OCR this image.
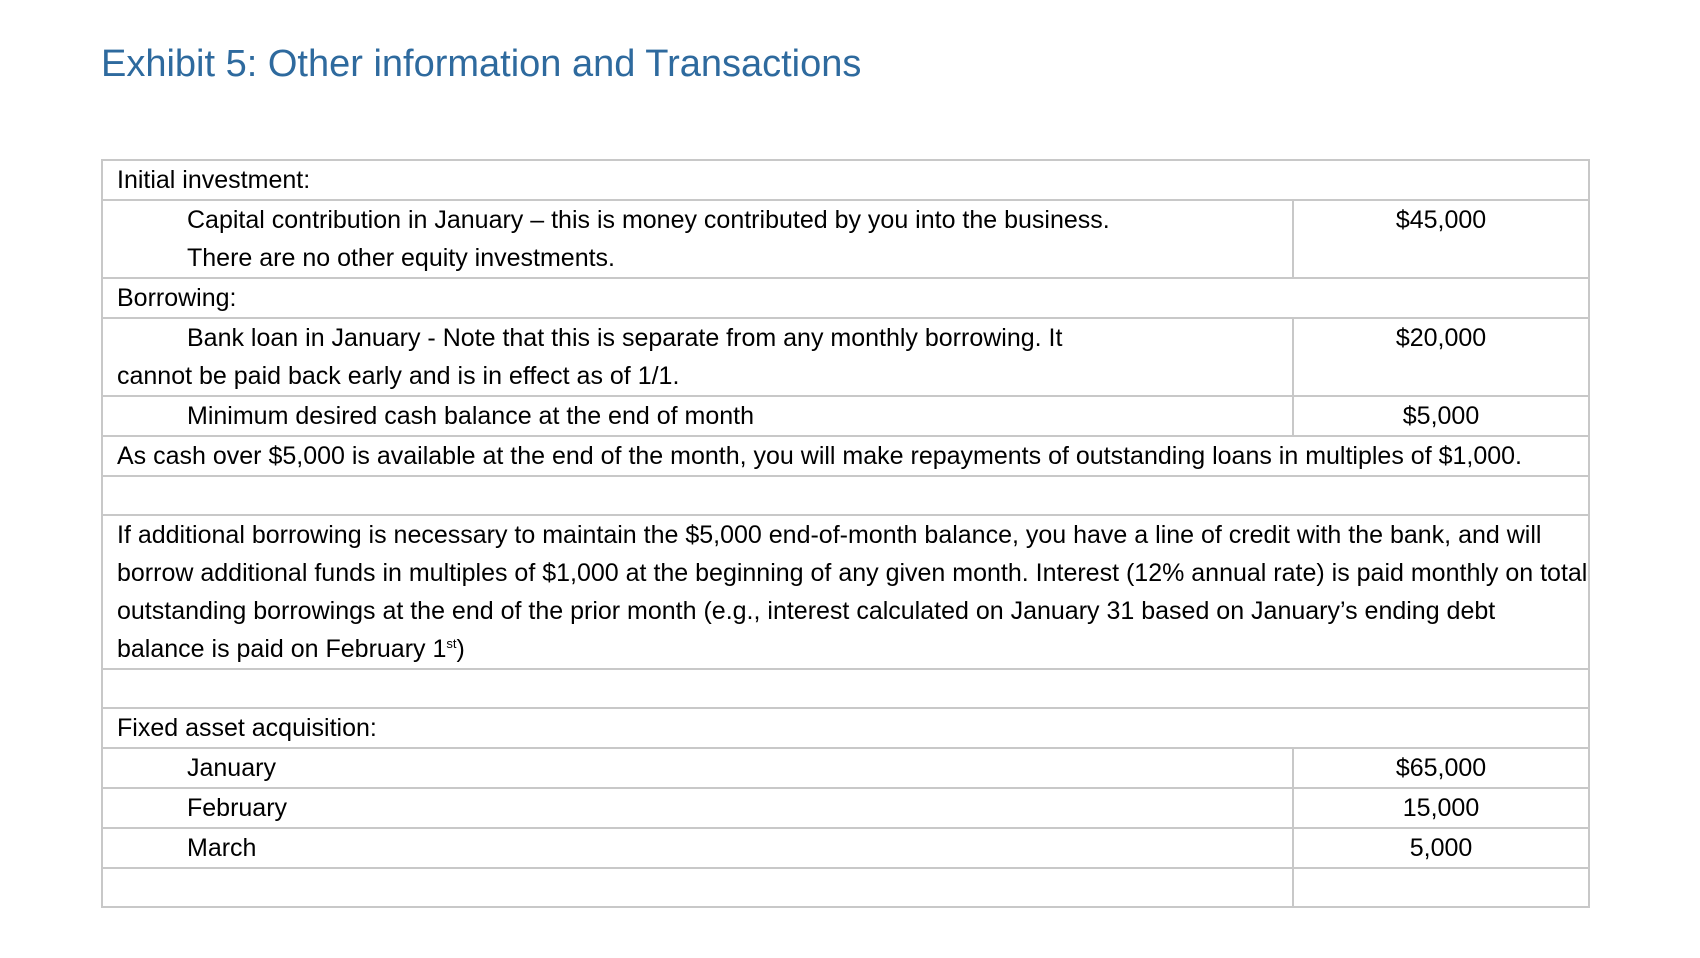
Exhibit 5: Other information and Transactions
Initial investment:	

Capital contribution in January – this is money contributed by you into the business.
There are no other equity investments.	$45,000
Borrowing:	

Bank loan in January - Note that this is separate from any monthly borrowing. It
cannot be paid back early and is in effect as of 1/1.	$20,000

Minimum desired cash balance at the end of month	$5,000
As cash over $5,000 is available at the end of the month, you will make repayments of outstanding loans in multiples of $1,000.	

If additional borrowing is necessary to maintain the $5,000 end-of-month balance, you have a line of credit with the bank, and will borrow additional funds in multiples of $1,000 at the beginning of any given month. Interest (12% annual rate) is paid monthly on total outstanding borrowings at the end of the prior month (e.g., interest calculated on January 31 based on January’s ending debt balance is paid on February 1st)	

Fixed asset acquisition:	

January	$65,000

February	15,000

March	5,000
